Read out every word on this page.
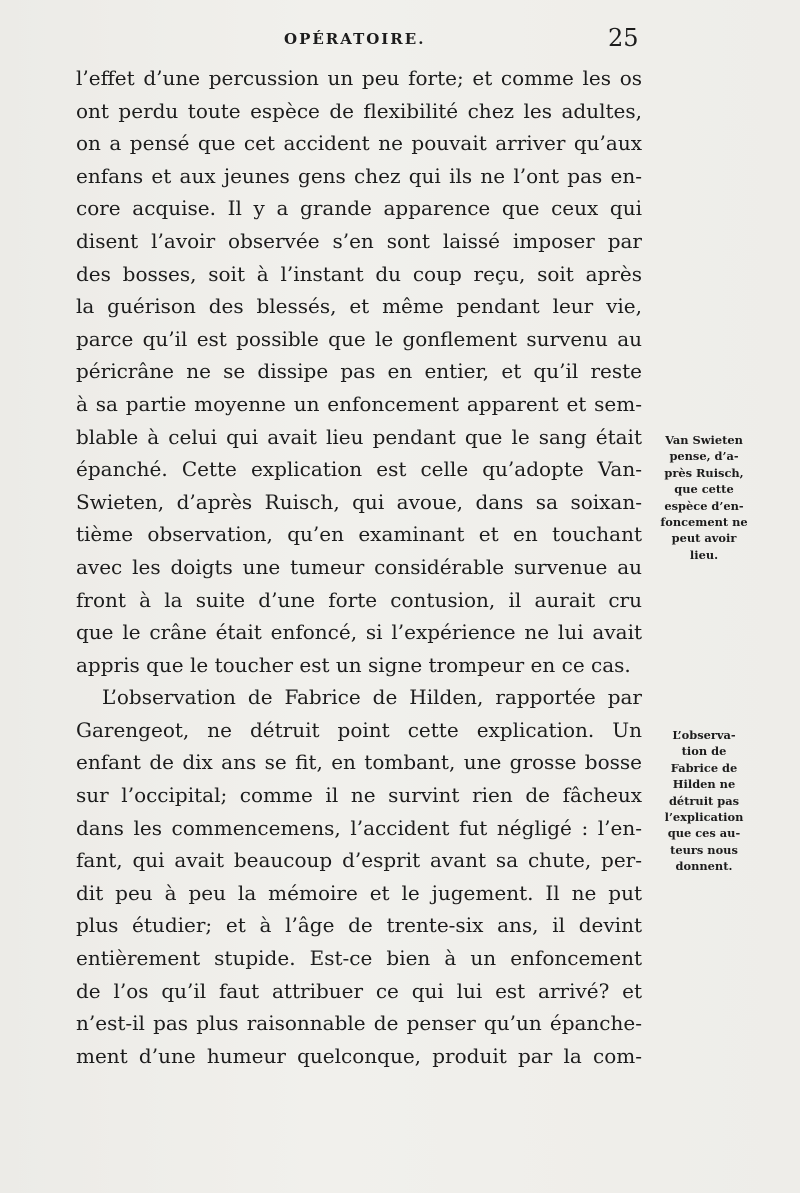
OPÉRATOIRE.	25
l’effet d’une percussion un peu forte; et comme les os
ont perdu toute espèce de flexibilité chez les adultes,
on a pensé que cet accident ne pouvait arriver qu’aux
enfans et aux jeunes gens chez qui ils ne l’ont pas en-
core acquise. Il y a grande apparence que ceux qui
disent l’avoir observée s’en sont laissé imposer par
des bosses, soit à l’instant du coup reçu, soit après
la guérison des blessés, et même pendant leur vie,
parce qu’il est possible que le gonflement survenu au
péricrâne ne se dissipe pas en entier, et qu’il reste
à sa partie moyenne un enfoncement apparent et sem-
blable à celui qui avait lieu pendant que le sang était
épanché. Cette explication est celle qu’adopte Van-
Swieten, d’après Ruisch, qui avoue, dans sa soixan-
tième observation, qu’en examinant et en touchant
avec les doigts une tumeur considérable survenue au
front à la suite d’une forte contusion, il aurait cru
que le crâne était enfoncé, si l’expérience ne lui avait
appris que le toucher est un signe trompeur en ce cas.
L’observation de Fabrice de Hilden, rapportée par
Garengeot, ne détruit point cette explication. Un
enfant de dix ans se fit, en tombant, une grosse bosse
sur l’occipital; comme il ne survint rien de fâcheux
dans les commencemens, l’accident fut négligé : l’en-
fant, qui avait beaucoup d’esprit avant sa chute, per-
dit peu à peu la mémoire et le jugement. Il ne put
plus étudier; et à l’âge de trente-six ans, il devint
entièrement stupide. Est-ce bien à un enfoncement
de l’os qu’il faut attribuer ce qui lui est arrivé? et
n’est-il pas plus raisonnable de penser qu’un épanche-
ment d’une humeur quelconque, produit par la com-
Van Swieten
pense, d’a-
près Ruisch,
que cette
espèce d’en-
foncement ne
peut avoir
lieu.
L’observa-
tion de
Fabrice de
Hilden ne
détruit pas
l’explication
que ces au-
teurs nous
donnent.
